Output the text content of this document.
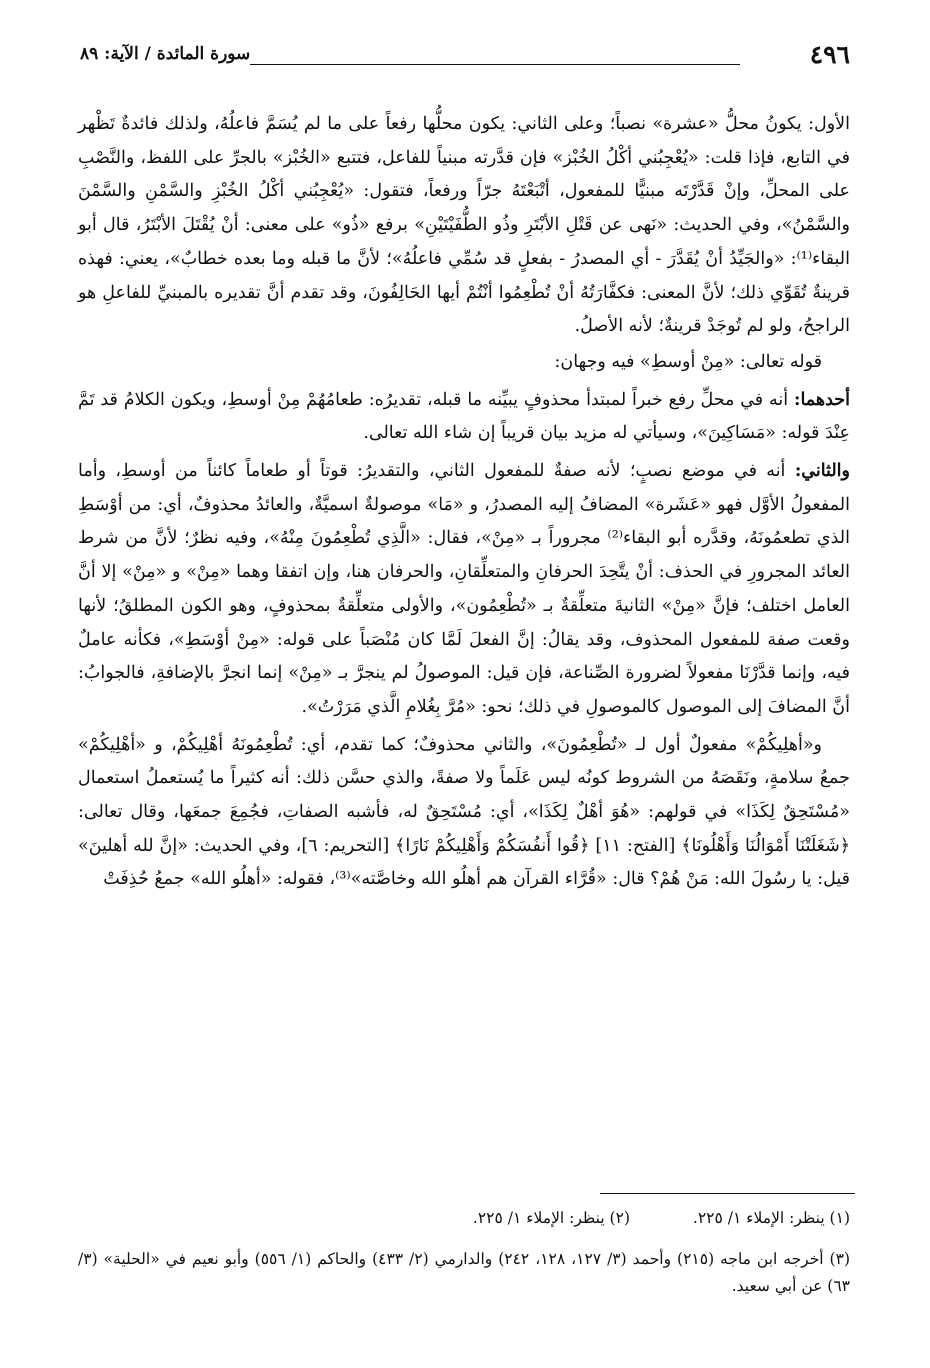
٤٩٦
سورة المائدة / الآية: ٨٩

الأول: يكونُ محلُّ «عشرة» نصباً؛ وعلى الثاني: يكون محلُّها رفعاً على ما لم يُسَمَّ فاعلُهُ، ولذلك فائدةٌ تَظْهر في التابع، فإذا قلت: «يُعْجِبُني أكْلُ الخُبْز» فإن قدَّرته مبنياً للفاعل، فتتبع «الخُبْز» بالجرِّ على اللفظ، والنَّصْبِ على المحلِّ، وإنْ قَدَّرْتَه مبنيًّا للمفعول، أتْبَعْتَهُ جرّاً ورفعاً، فتقول: «يُعْجِبُني أكْلُ الخُبْزِ والسَّمْنِ والسَّمْنَ والسَّمْنُ»، وفي الحديث: «نَهى عن قَتْلِ الأبْتَرِ وذُو الطُّفَيْتَيْنِ» برفع «ذُو» على معنى: أنْ يُقْتَلَ الأبْتَرُ، قال أبو البقاء⁽¹⁾: «والجَيِّدُ أنْ يُقَدَّرَ - أي المصدرُ - بفعلٍ قد سُمِّي فاعلُهُ»؛ لأنَّ ما قبله وما بعده خطابٌ»، يعني: فهذه قرينةٌ تُقَوِّي ذلك؛ لأنَّ المعنى: فكفَّارَتُهُ أنْ تُطْعِمُوا أنْتُمْ أيها الحَالِفُونَ، وقد تقدم أنَّ تقديره بالمبنيِّ للفاعلِ هو الراجحُ، ولو لم تُوجَدْ قرينةٌ؛ لأنه الأصلُ.

قوله تعالى: «مِنْ أوسطِ» فيه وجهان:

أحدهما: أنه في محلِّ رفع خبراً لمبتدأ محذوفٍ يبيِّنه ما قبله، تقديرُه: طعامُهُمْ مِنْ أوسطِ، ويكون الكلامُ قد تَمَّ عِنْدَ قوله: «مَسَاكِينَ»، وسيأتي له مزيد بيان قريباً إن شاء الله تعالى.

والثاني: أنه في موضع نصبٍ؛ لأنه صفةٌ للمفعول الثاني، والتقديرُ: قوتاً أو طعاماً كائناً من أوسطِ، وأما المفعولُ الأوَّل فهو «عَشَرة» المضافُ إليه المصدرُ، و «مَا» موصولةٌ اسميَّةٌ، والعائدُ محذوفٌ، أي: من أوْسَطِ الذي تطعمُونَهُ، وقدَّره أبو البقاء⁽²⁾ مجروراً بـ «مِنْ»، فقال: «الَّذِي تُطْعِمُونَ مِنْهُ»، وفيه نظرٌ؛ لأنَّ من شرط العائد المجرورِ في الحذف: أنْ يتَّحِدَ الحرفانِ والمتعلِّقانِ، والحرفان هنا، وإن اتفقا وهما «مِنْ» و «مِنْ» إلا أنَّ العامل اختلف؛ فإنَّ «مِنْ» الثانيةَ متعلِّقةٌ بـ «تُطْعِمُون»، والأولى متعلِّقةٌ بمحذوفٍ، وهو الكون المطلقُ؛ لأنها وقعت صفة للمفعول المحذوف، وقد يقالُ: إنَّ الفعلَ لَمَّا كان مُنْصَباً على قوله: «مِنْ أوْسَطِ»، فكأنه عاملٌ فيه، وإنما قدَّرْنَا مفعولاً لضرورة الصِّناعة، فإن قيل: الموصولُ لم ينجرَّ بـ «مِنْ» إنما انجرَّ بالإضافةِ، فالجوابُ: أنَّ المضافَ إلى الموصول كالموصولِ في ذلك؛ نحو: «مُرَّ بِغُلامِ الَّذي مَرَرْتُ».

و«أهلِيكُمْ» مفعولٌ أول لـ «تُطْعِمُونَ»، والثاني محذوفٌ؛ كما تقدم، أي: تُطْعِمُونَهُ أهْلِيكُمْ، و «أهْلِيكُمْ» جمعُ سلامةٍ، ونَقَصَهُ من الشروط كونُه ليس عَلَماً ولا صفةً، والذي حسَّن ذلك: أنه كثيراً ما يُستعملُ استعمال «مُسْتَحِقٌ لِكَذَا» في قولهم: «هُوَ أهْلٌ لِكَذَا»، أي: مُسْتَحِقٌ له، فأشبه الصفاتِ، فجُمِعَ جمعَها، وقال تعالى: ﴿شَغَلَتْنَا أَمْوَالُنَا وَأَهْلُونَا﴾ [الفتح: ١١] ﴿قُوا أَنفُسَكُمْ وَأَهْلِيكُمْ نَارًا﴾ [التحريم: ٦]، وفي الحديث: «إنَّ لله أهلينَ» قيل: يا رسُولَ الله: مَنْ هُمْ؟ قال: «قُرَّاء القرآن هم أهلُو الله وخاصَّته»⁽³⁾، فقوله: «أهلُو الله» جمعُ حُذِفَتْ

(١) ينظر: الإملاء ١/ ٢٢٥.
(٢) ينظر: الإملاء ١/ ٢٢٥.
(٣) أخرجه ابن ماجه (٢١٥) وأحمد (٣/ ١٢٧، ١٢٨، ٢٤٢) والدارمي (٢/ ٤٣٣) والحاكم (١/ ٥٥٦) وأبو نعيم في «الحلية» (٣/ ٦٣) عن أبي سعيد.
